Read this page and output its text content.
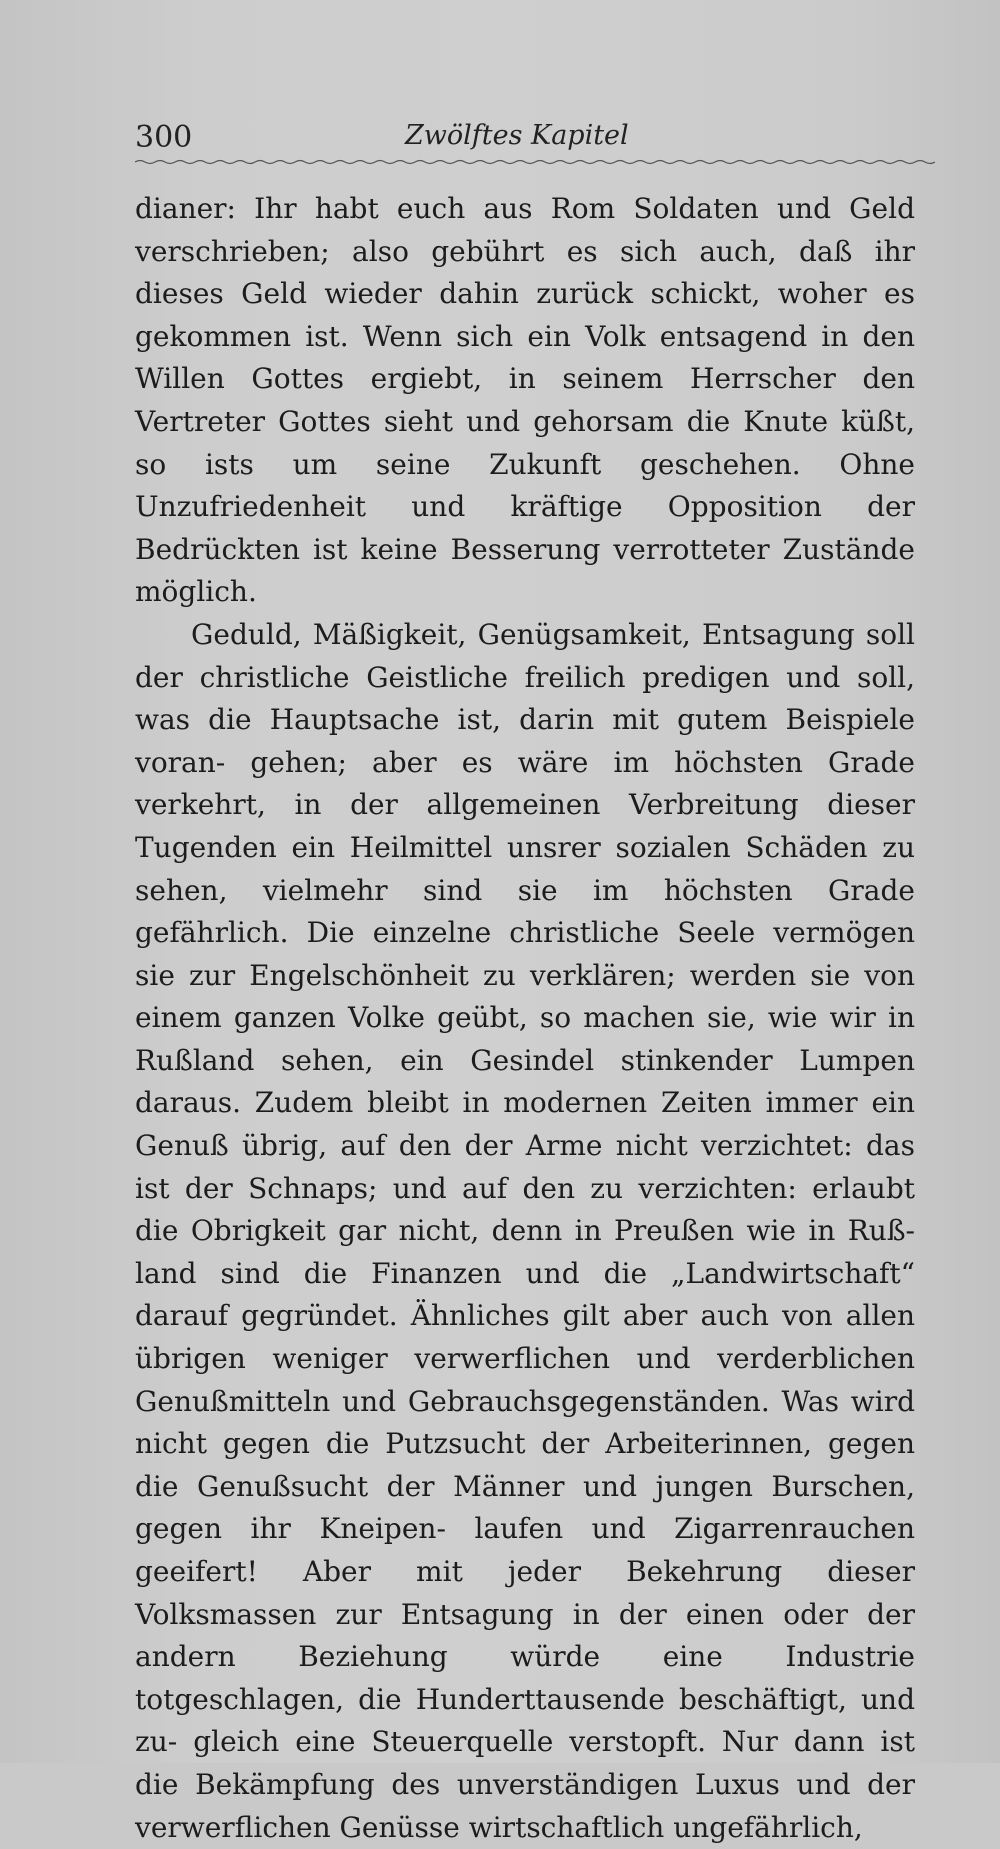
300	Zwölftes Kapitel

dianer: Ihr habt euch aus Rom Soldaten und Geld verschrieben; also gebührt es sich auch, daß ihr dieses Geld wieder dahin zurück schickt, woher es gekommen ist. Wenn sich ein Volk entsagend in den Willen Gottes ergiebt, in seinem Herrscher den Vertreter Gottes sieht und gehorsam die Knute küßt, so ists um seine Zukunft geschehen. Ohne Unzufriedenheit und kräftige Opposition der Bedrückten ist keine Besserung verrotteter Zustände möglich.

Geduld, Mäßigkeit, Genügsamkeit, Entsagung soll der christliche Geistliche freilich predigen und soll, was die Hauptsache ist, darin mit gutem Beispiele voran‑ gehen; aber es wäre im höchsten Grade verkehrt, in der allgemeinen Verbreitung dieser Tugenden ein Heilmittel unsrer sozialen Schäden zu sehen, vielmehr sind sie im höchsten Grade gefährlich. Die einzelne christliche Seele vermögen sie zur Engelschönheit zu verklären; werden sie von einem ganzen Volke geübt, so machen sie, wie wir in Rußland sehen, ein Gesindel stinkender Lumpen daraus. Zudem bleibt in modernen Zeiten immer ein Genuß übrig, auf den der Arme nicht verzichtet: das ist der Schnaps; und auf den zu verzichten: erlaubt die Obrigkeit gar nicht, denn in Preußen wie in Ruß‑ land sind die Finanzen und die „Landwirtschaft“ darauf gegründet. Ähnliches gilt aber auch von allen übrigen weniger verwerflichen und verderblichen Genußmitteln und Gebrauchsgegenständen. Was wird nicht gegen die Putzsucht der Arbeiterinnen, gegen die Genußsucht der Männer und jungen Burschen, gegen ihr Kneipen‑ laufen und Zigarrenrauchen geeifert! Aber mit jeder Bekehrung dieser Volksmassen zur Entsagung in der einen oder der andern Beziehung würde eine Industrie totgeschlagen, die Hunderttausende beschäftigt, und zu‑ gleich eine Steuerquelle verstopft. Nur dann ist die Bekämpfung des unverständigen Luxus und der verwerflichen Genüsse wirtschaftlich ungefährlich,
